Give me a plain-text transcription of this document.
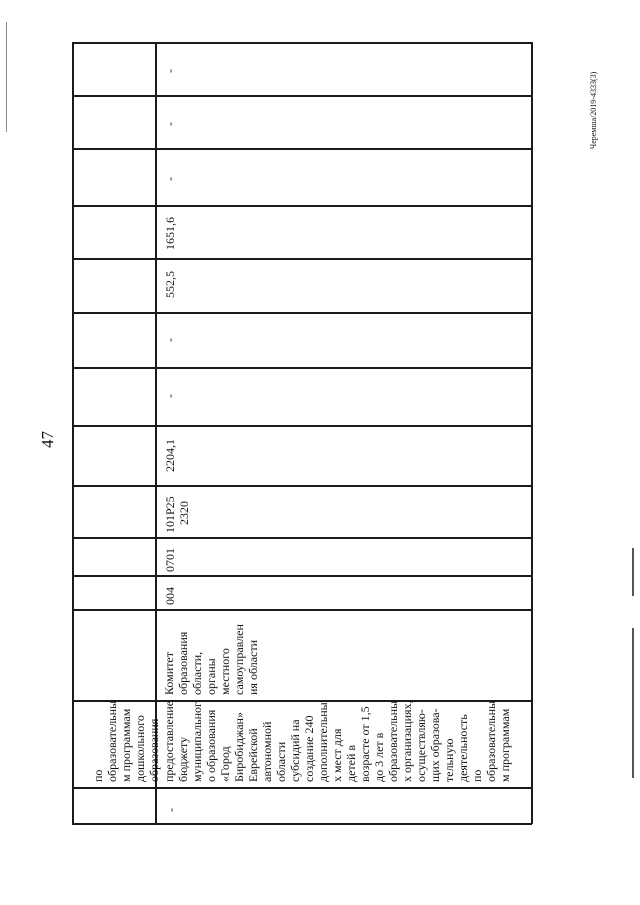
47
Черемша/2019-4333(3)
по образовательны м программам дошкольного образования
-
предоставление бюджету муниципальног о образования «Город Биробиджан» Еврейской автономной области субсидий на создание 240 дополнительны х мест для детей в возрасте от 1,5 до 3 лет в образовательны х организациях, осуществляю- щих образова- тельную деятельность по образовательны м программам
Комитет образования области, органы местного самоуправлен ия области
004
0701
101Р25 2320
2204,1
-
-
552,5
1651,6
-
-
-
